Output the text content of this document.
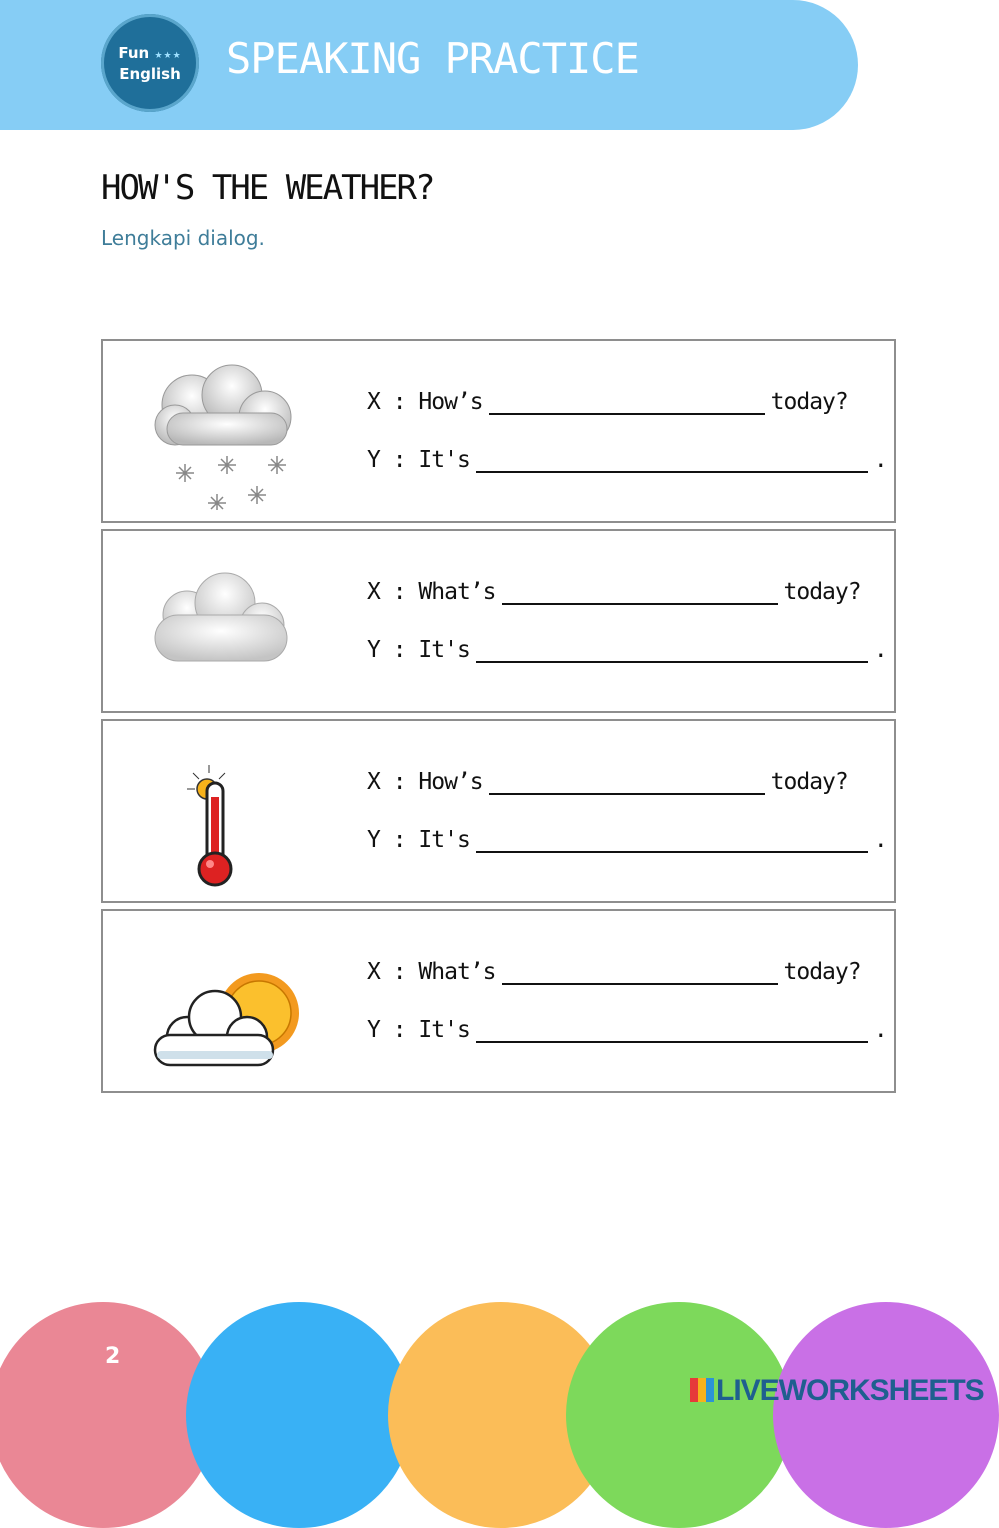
Fun ★★★
English SPEAKING PRACTICE
HOW'S THE WEATHER?
Lengkapi dialog.
X
: How’s	today?
Y
: It's	.
X
: What’s	today?
Y
: It's	.
X
: How’s	today?
Y
: It's	.
X
: What’s	today?
Y
: It's	.
2
LIVEWORKSHEETS
